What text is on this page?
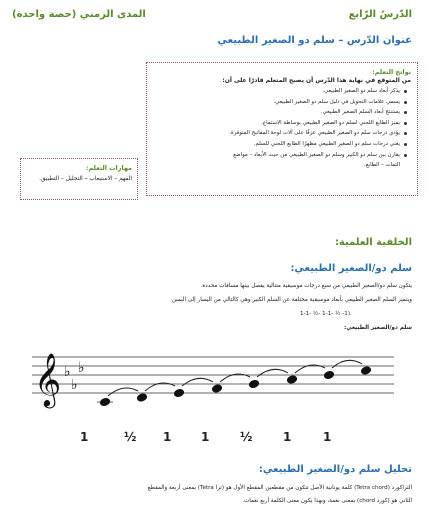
الدّرسُ الرّابع
المدى الزمني (حصة واحدة)
عنوان الدّرس – سلم دو الصغير الطبيعي
نواتج التعلم:
من المتوقع في نهاية هذا الدّرس أن يصبح المتعلم قادرًا على أن:
يذكر أبعاد سلم دو الصغير الطبيعي.
يسمي علامات التحويل في دليل سلم دو الصغير الطبيعي.
يستنتج أبعاد السلم الصغير الطبيعي.
يميز الطابع اللحني لسلم دو الصغير الطبيعي بوساطة الاستماع.
يؤدي درجات سلم دو الصغير الطبيعي عزفًا على آلات لوحة المفاتيح المتوفرة.
يغني درجات سلم دو الصغير الطبيعي مظهرًا الطابع اللحني للسلم.
يقارن بين سلم دو الكبير وسلم دو الصغير الطبيعي من حيث الأبعاد – مواضع
التمات – الطابع.
مهارات التعلم:
الفهم – الاستيعاب – التحليل – التطبيق.
الخلفية العلمية:
سلم دو/الصغير الطبيعي:
يتكون سلم دو/الصغير الطبيعي من سبع درجات موسيقية متتالية يفصل بينها مسافات محددة.
ويتميز السلم الصغير الطبيعي بأبعاد موسيقية مختلفة عن السلم الكبير وهي كالتالي من اليسار إلى اليمين
1-1- ½- 1-1- ½ -1).
سلم دو/الصغير الطبيعي:
𝄞 ♭
♭
♭
1	½ 1 1	½	1	1
تحليل سلم دو/الصغير الطبيعي:
التراكورد (Tetra chord) كلمة يونانية الأصل تتكون من مقطعين المقطع الأول هو (ترا Tetra) بمعنى أربعة والمقطع
الثاني هو (كورد chord) بمعنى نغمة، وبهذا يكون معنى الكلمة أربع نغمات.
